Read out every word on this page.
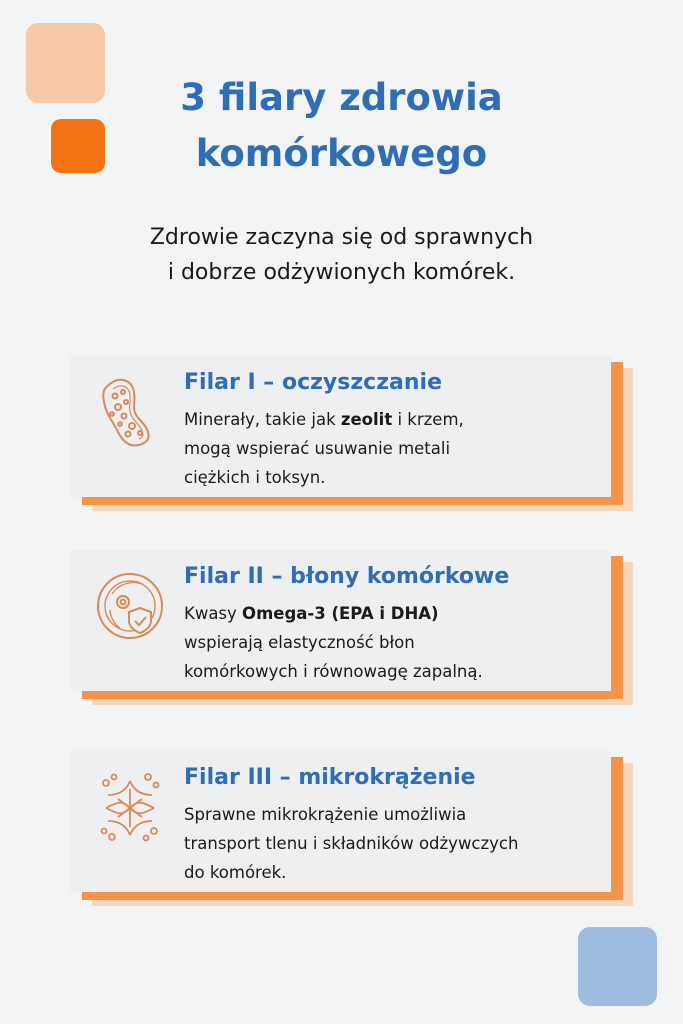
3 filary zdrowia
komórkowego

Zdrowie zaczyna się od sprawnych
i dobrze odżywionych komórek.

Filar I – oczyszczanie
Minerały, takie jak zeolit i krzem,
mogą wspierać usuwanie metali
ciężkich i toksyn.
Filar II – błony komórkowe
Kwasy Omega-3 (EPA i DHA)
wspierają elastyczność błon
komórkowych i równowagę zapalną.
Filar III – mikrokrążenie
Sprawne mikrokrążenie umożliwia
transport tlenu i składników odżywczych
do komórek.
